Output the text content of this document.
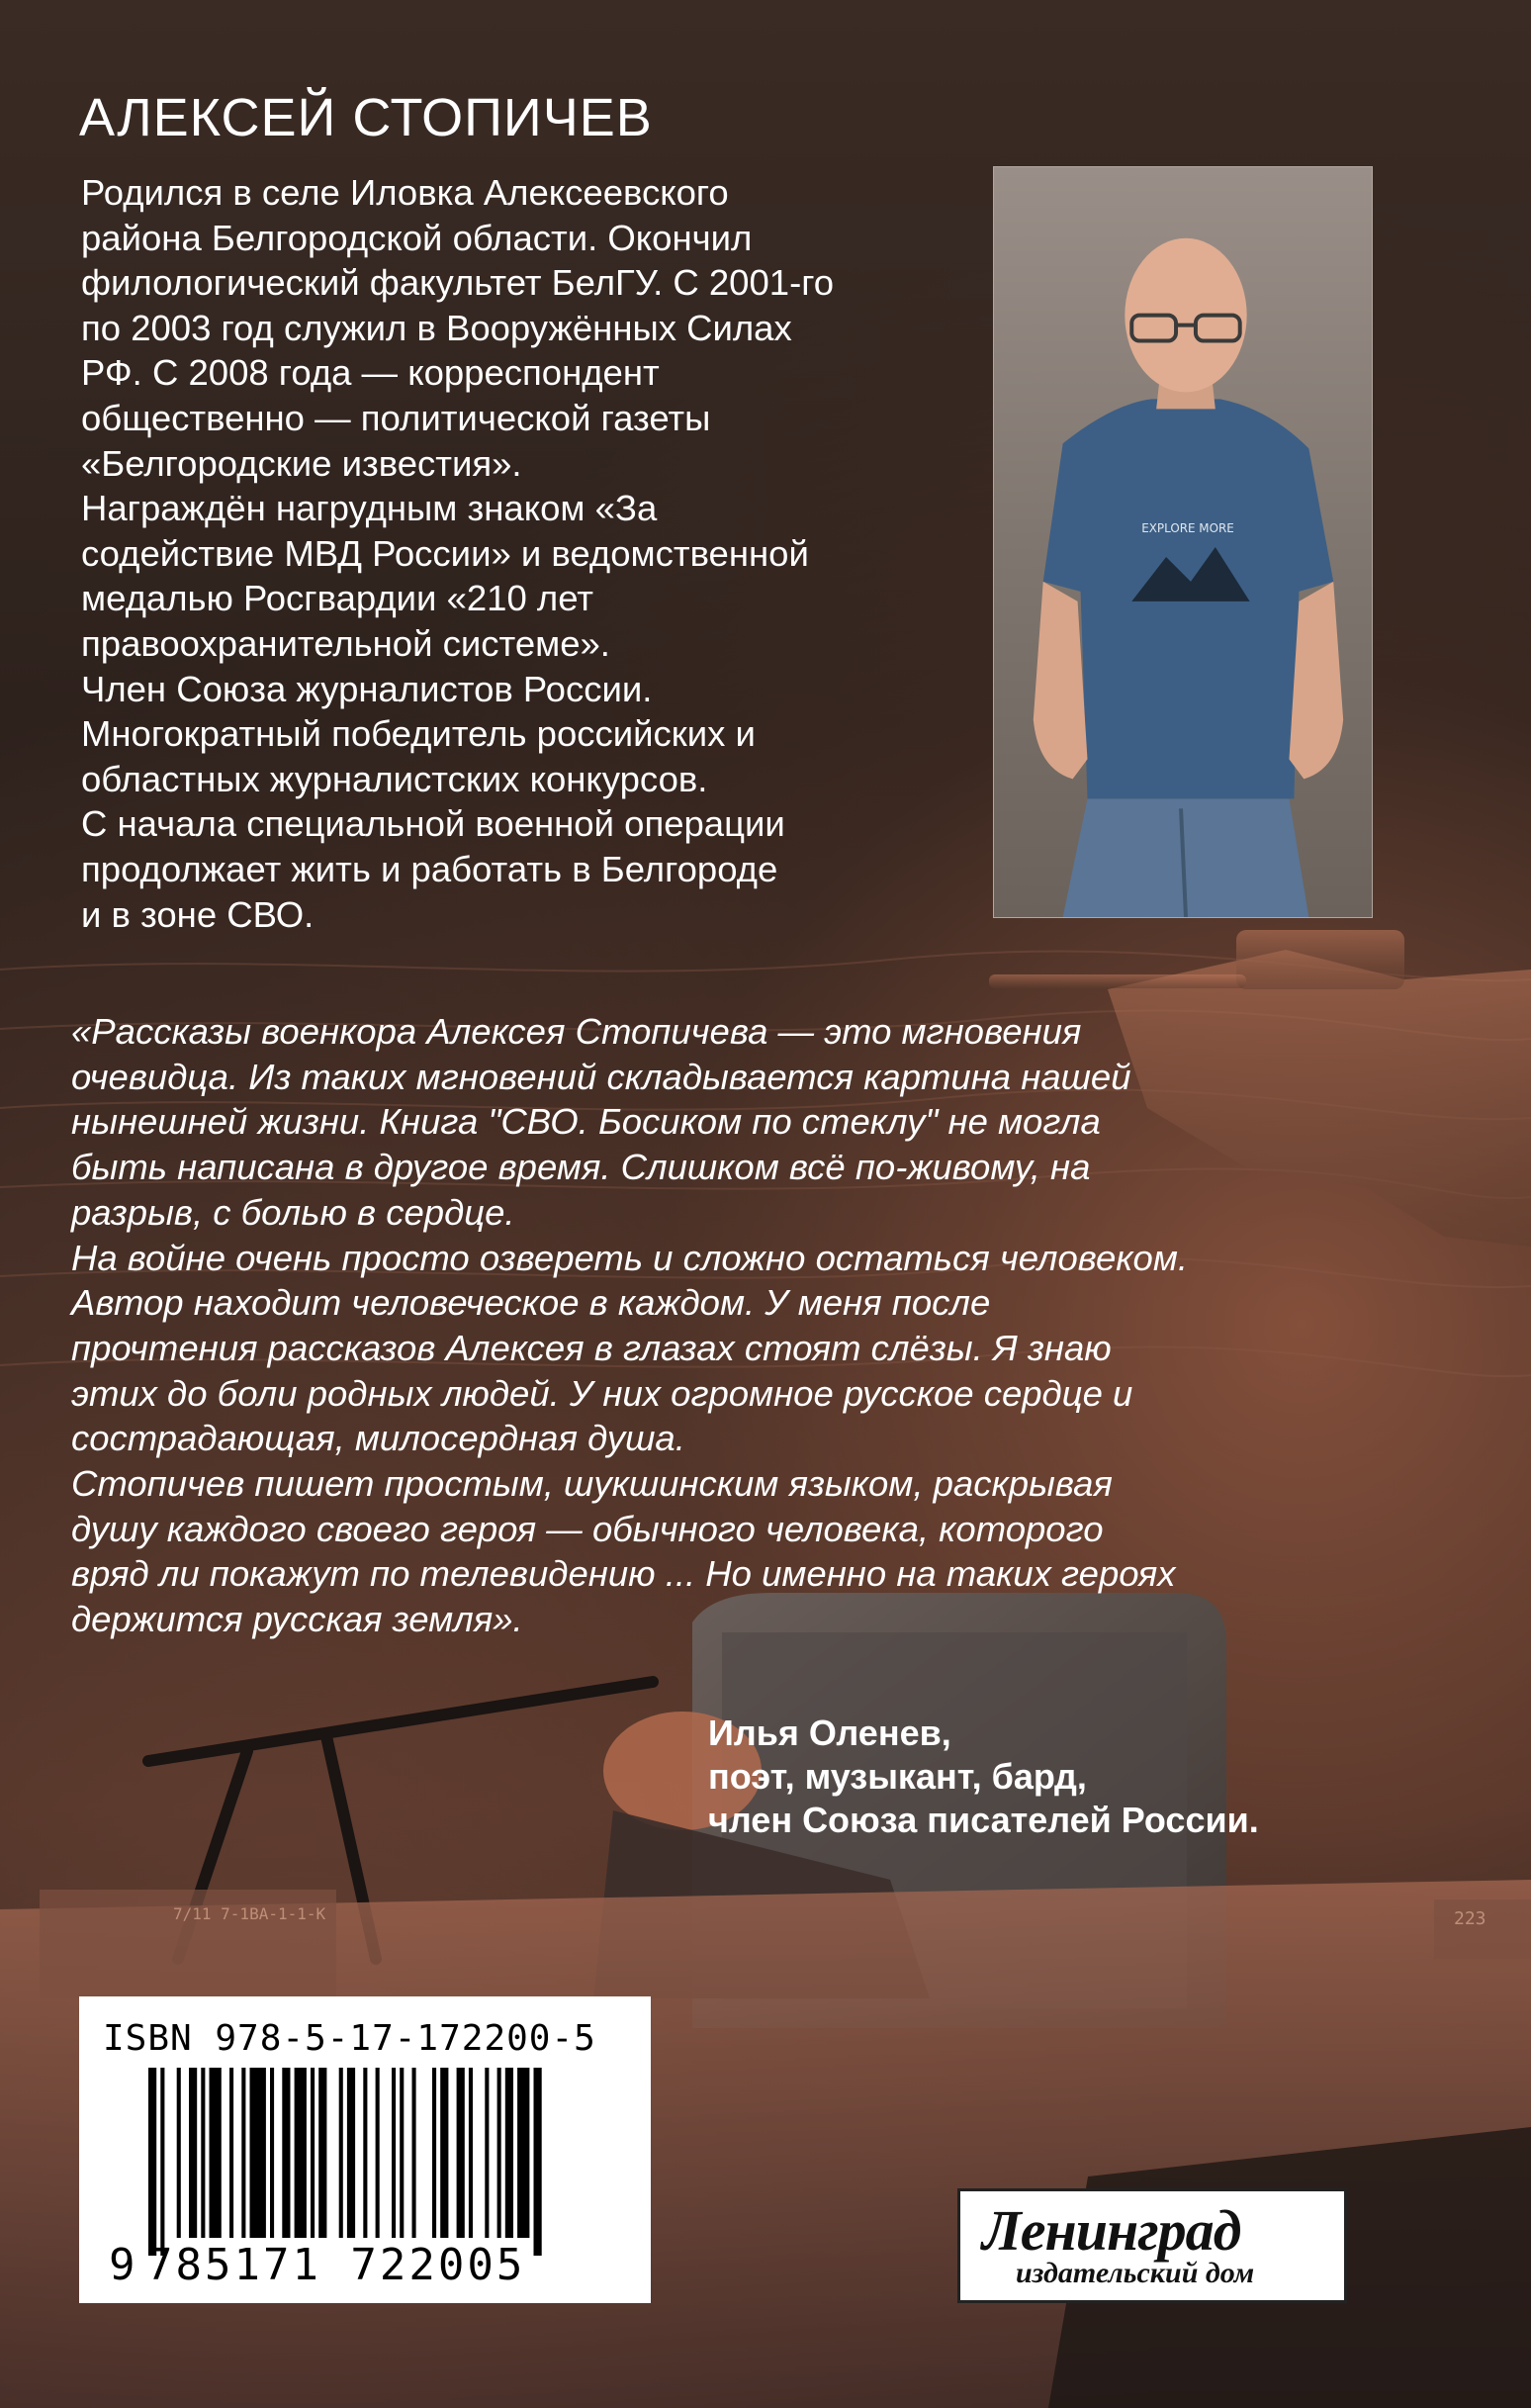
7/11 7-1BA-1-1-К	223
АЛЕКСЕЙ СТОПИЧЕВ

Родился в селе Иловка Алексеевского
района Белгородской области. Окончил
филологический факультет БелГУ. С 2001-го
по 2003 год служил в Вооружённых Силах
РФ. С 2008 года — корреспондент
общественно — политической газеты
«Белгородские известия».
Награждён нагрудным знаком «За
содействие МВД России» и ведомственной
медалью Росгвардии «210 лет
правоохранительной системе».
Член Союза журналистов России.
Многократный победитель российских и
областных журналистских конкурсов.
С начала специальной военной операции
продолжает жить и работать в Белгороде
и в зоне СВО.

EXPLORE MORE

«Рассказы военкора Алексея Стопичева — это мгновения
очевидца. Из таких мгновений складывается картина нашей
нынешней жизни. Книга "СВО. Босиком по стеклу" не могла
быть написана в другое время. Слишком всё по-живому, на
разрыв, с болью в сердце.
На войне очень просто озвереть и сложно остаться человеком.
Автор находит человеческое в каждом. У меня после
прочтения рассказов Алексея в глазах стоят слёзы. Я знаю
этих до боли родных людей. У них огромное русское сердце и
сострадающая, милосердная душа.
Стопичев пишет простым, шукшинским языком, раскрывая
душу каждого своего героя — обычного человека, которого
вряд ли покажут по телевидению ... Но именно на таких героях
держится русская земля».

Илья Оленев,
поэт, музыкант, бард,
член Союза писателей России.

ISBN 978-5-17-172200-5

9 785171 722005

Ленинград

издательский дом
